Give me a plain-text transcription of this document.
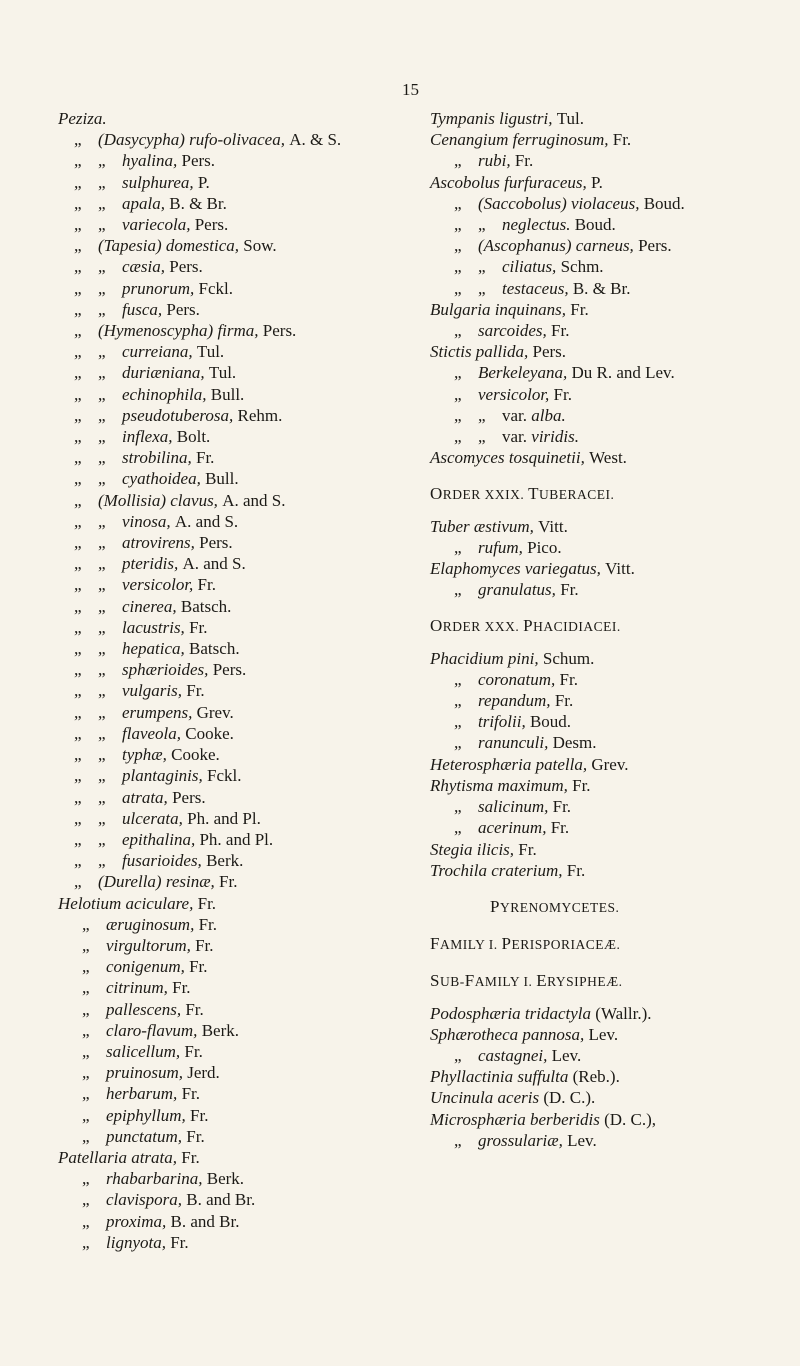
15
Peziza.
„ (Dasycypha) rufo-olivacea, A. & S.
„ „ hyalina, Pers.
„ „ sulphurea, P.
„ „ apala, B. & Br.
„ „ variecola, Pers.
„ (Tapesia) domestica, Sow.
„ „ cæsia, Pers.
„ „ prunorum, Fckl.
„ „ fusca, Pers.
„ (Hymenoscypha) firma, Pers.
„ „ curreiana, Tul.
„ „ duriæniana, Tul.
„ „ echinophila, Bull.
„ „ pseudotuberosa, Rehm.
„ „ inflexa, Bolt.
„ „ strobilina, Fr.
„ „ cyathoidea, Bull.
„ (Mollisia) clavus, A. and S.
„ „ vinosa, A. and S.
„ „ atrovirens, Pers.
„ „ pteridis, A. and S.
„ „ versicolor, Fr.
„ „ cinerea, Batsch.
„ „ lacustris, Fr.
„ „ hepatica, Batsch.
„ „ sphærioides, Pers.
„ „ vulgaris, Fr.
„ „ erumpens, Grev.
„ „ flaveola, Cooke.
„ „ typhæ, Cooke.
„ „ plantaginis, Fckl.
„ „ atrata, Pers.
„ „ ulcerata, Ph. and Pl.
„ „ epithalina, Ph. and Pl.
„ „ fusarioides, Berk.
„ (Durella) resinæ, Fr.
Helotium aciculare, Fr.
„ æruginosum, Fr.
„ virgultorum, Fr.
„ conigenum, Fr.
„ citrinum, Fr.
„ pallescens, Fr.
„ claro-flavum, Berk.
„ salicellum, Fr.
„ pruinosum, Jerd.
„ herbarum, Fr.
„ epiphyllum, Fr.
„ punctatum, Fr.
Patellaria atrata, Fr.
„ rhabarbarina, Berk.
„ clavispora, B. and Br.
„ proxima, B. and Br.
„ lignyota, Fr.
Tympanis ligustri, Tul.
Cenangium ferruginosum, Fr.
„ rubi, Fr.
Ascobolus furfuraceus, P.
„ (Saccobolus) violaceus, Boud.
„ „ neglectus. Boud.
„ (Ascophanus) carneus, Pers.
„ „ ciliatus, Schm.
„ „ testaceus, B. & Br.
Bulgaria inquinans, Fr.
„ sarcoides, Fr.
Stictis pallida, Pers.
„ Berkeleyana, Du R. and Lev.
„ versicolor, Fr.
„ „ var. alba.
„ „ var. viridis.
Ascomyces tosquinetii, West.
ORDER XXIX. TUBERACEI.
Tuber æstivum, Vitt.
„ rufum, Pico.
Elaphomyces variegatus, Vitt.
„ granulatus, Fr.
ORDER XXX. PHACIDIACEI.
Phacidium pini, Schum.
„ coronatum, Fr.
„ repandum, Fr.
„ trifolii, Boud.
„ ranunculi, Desm.
Heterosphæria patella, Grev.
Rhytisma maximum, Fr.
„ salicinum, Fr.
„ acerinum, Fr.
Stegia ilicis, Fr.
Trochila craterium, Fr.
PYRENOMYCETES.
FAMILY I. PERISPORIACEÆ.
SUB-FAMILY I. ERYSIPHEÆ.
Podosphæria tridactyla (Wallr.).
Sphærotheca pannosa, Lev.
„ castagnei, Lev.
Phyllactinia suffulta (Reb.).
Uncinula aceris (D. C.).
Microsphæria berberidis (D. C.),
„ grossulariæ, Lev.
